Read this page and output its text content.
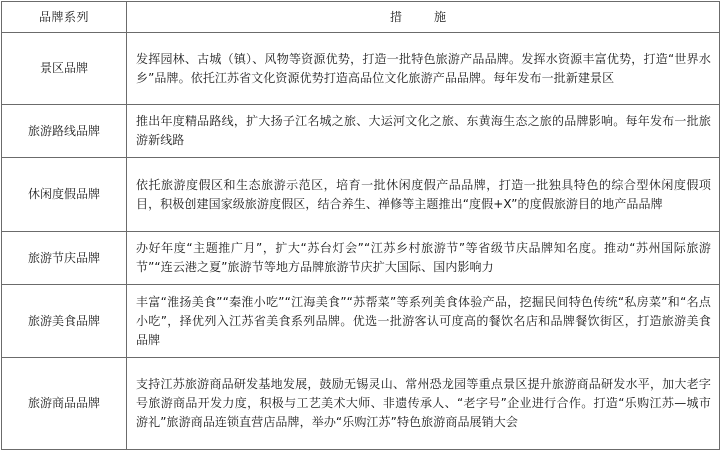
品牌系列	措　施
景区品牌	发挥园林、古城（镇）、风物等资源优势，打造一批特色旅游产品品牌。发挥水资源丰富优势，打造“世界水乡”品牌。依托江苏省文化资源优势打造高品位文化旅游产品品牌。每年发布一批新建景区
旅游路线品牌	推出年度精品路线，扩大扬子江名城之旅、大运河文化之旅、东黄海生态之旅的品牌影响。每年发布一批旅游新线路
休闲度假品牌	依托旅游度假区和生态旅游示范区，培育一批休闲度假产品品牌，打造一批独具特色的综合型休闲度假项目，积极创建国家级旅游度假区，结合养生、禅修等主题推出“度假+X”的度假旅游目的地产品品牌
旅游节庆品牌	办好年度“主题推广月”，扩大“苏台灯会”“江苏乡村旅游节”等省级节庆品牌知名度。推动“苏州国际旅游节”“连云港之夏”旅游节等地方品牌旅游节庆扩大国际、国内影响力
旅游美食品牌	丰富“淮扬美食”“秦淮小吃”“江海美食”“苏帮菜”等系列美食体验产品，挖掘民间特色传统“私房菜”和“名点小吃”，择优列入江苏省美食系列品牌。优选一批游客认可度高的餐饮名店和品牌餐饮街区，打造旅游美食品牌
旅游商品品牌	支持江苏旅游商品研发基地发展，鼓励无锡灵山、常州恐龙园等重点景区提升旅游商品研发水平，加大老字号旅游商品开发力度，积极与工艺美术大师、非遗传承人、“老字号”企业进行合作。打造“乐购江苏—城市游礼”旅游商品连锁直营店品牌，举办“乐购江苏”特色旅游商品展销大会
